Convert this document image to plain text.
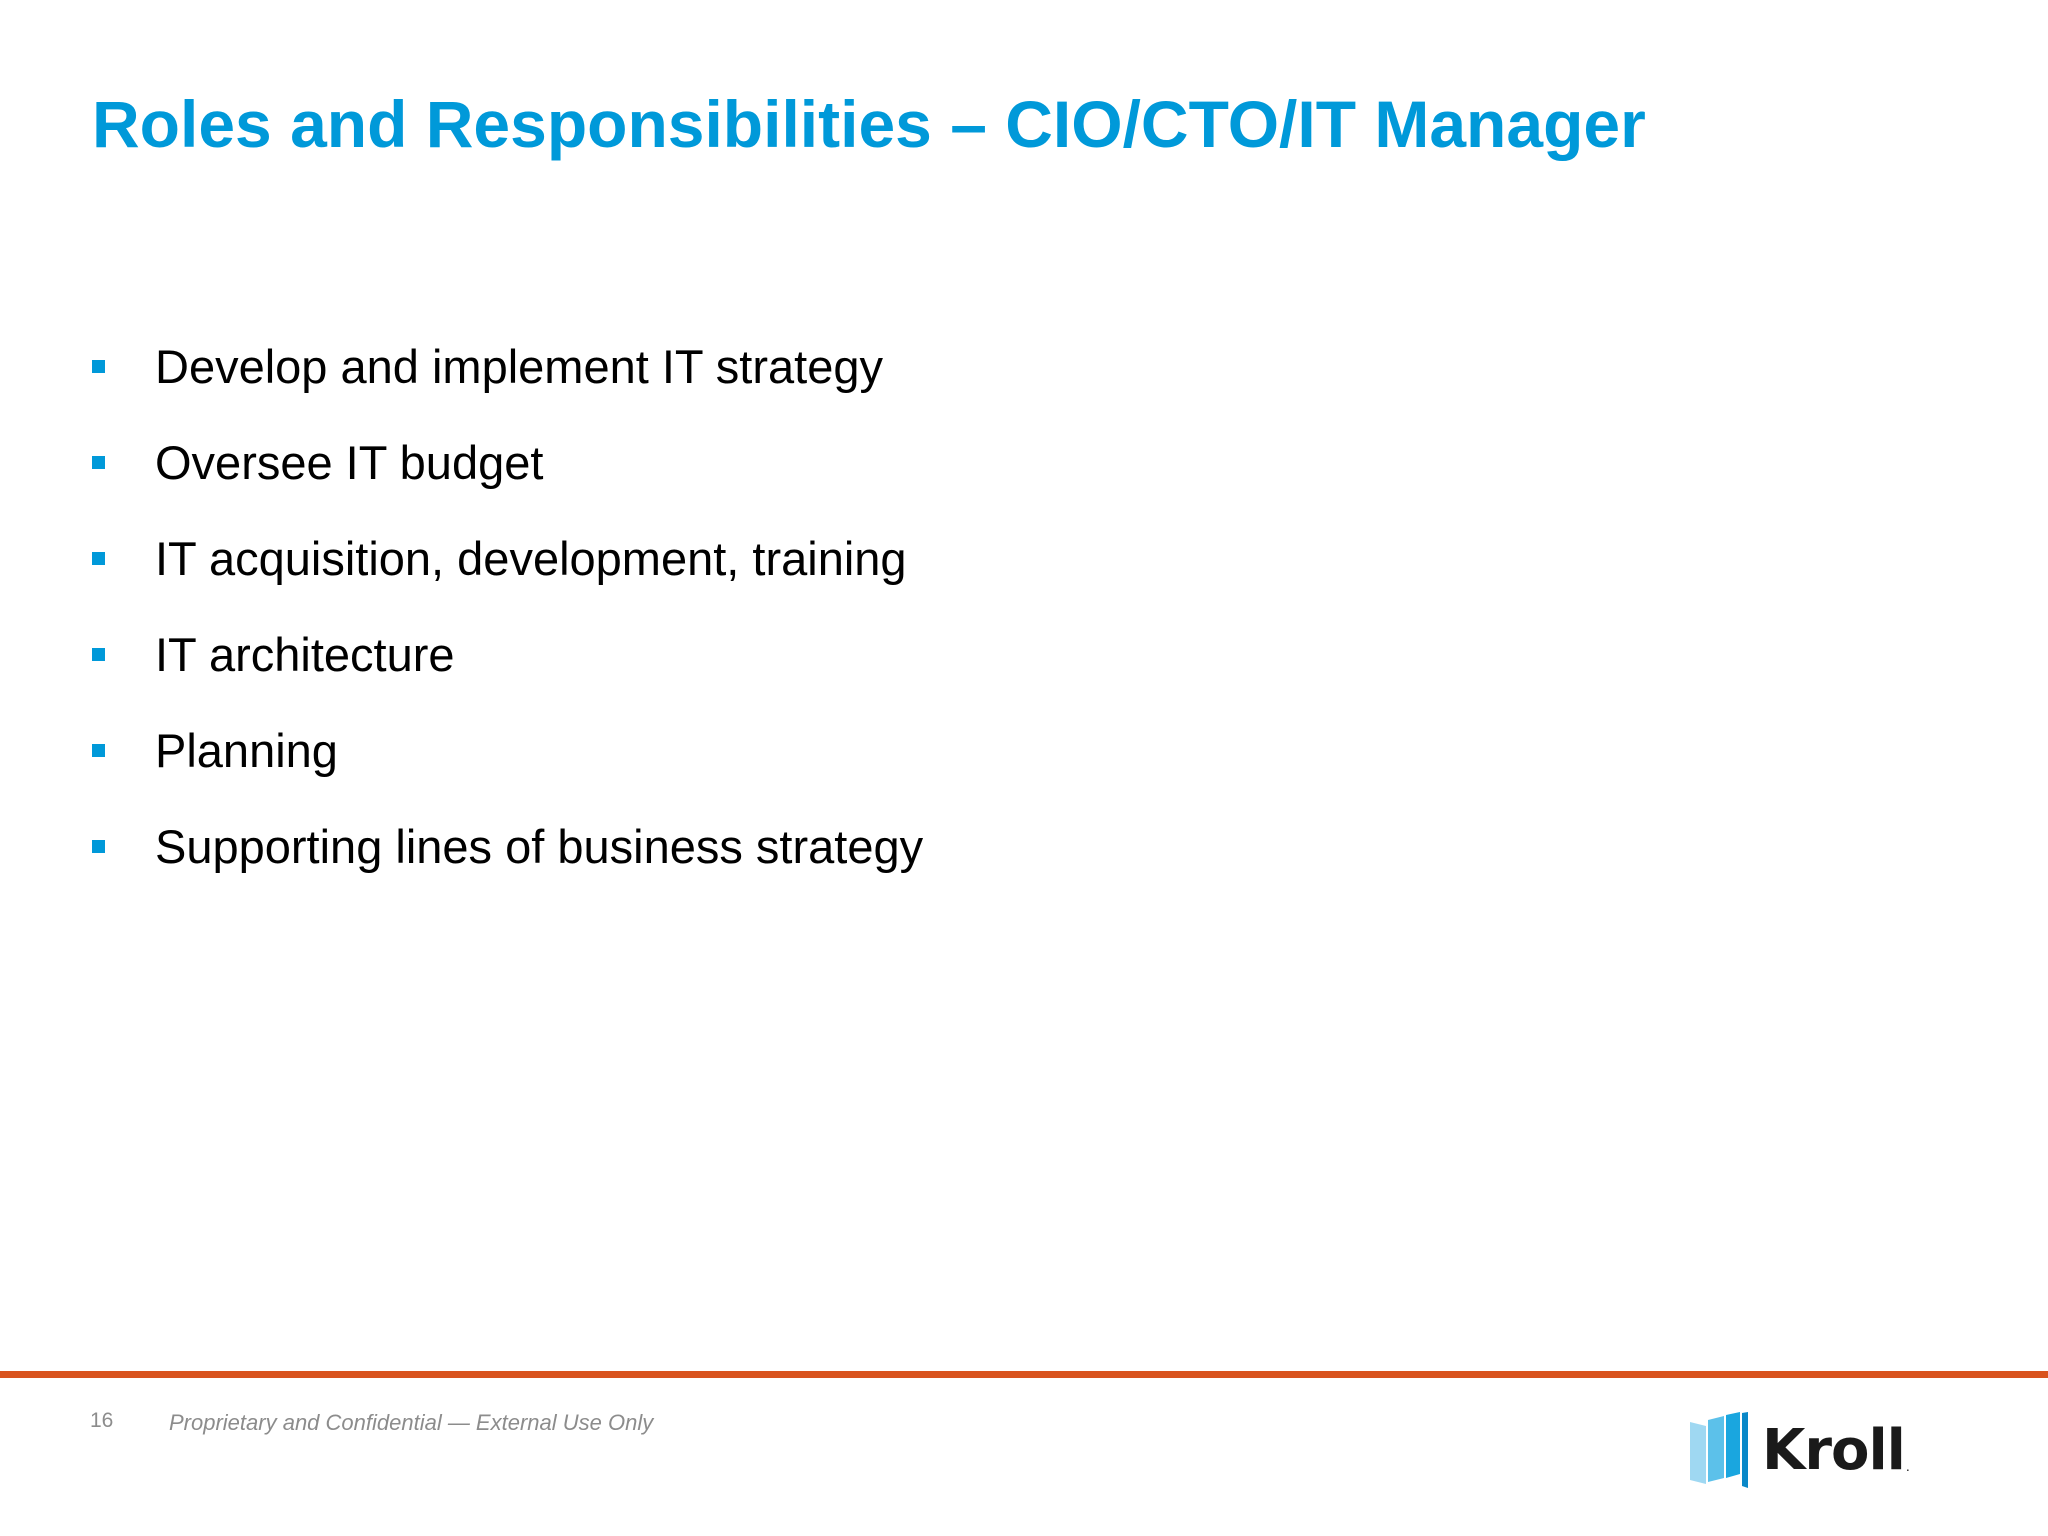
Roles and Responsibilities – CIO/CTO/IT Manager
Develop and implement IT strategy
Oversee IT budget
IT acquisition, development, training
IT architecture
Planning
Supporting lines of business strategy
16	Proprietary and Confidential — External Use Only	Kroll .
